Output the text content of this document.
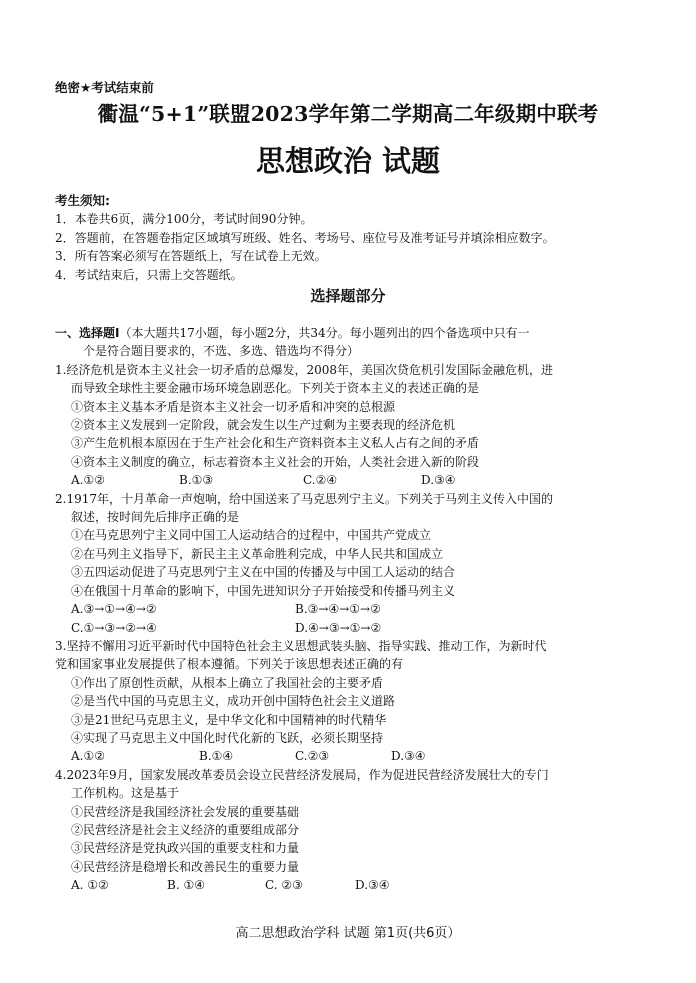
绝密★考试结束前
衢温“5+1”联盟2023学年第二学期高二年级期中联考
思想政治 试题
考生须知:
1．本卷共6页，满分100分，考试时间90分钟。
2．答题前，在答题卷指定区域填写班级、姓名、考场号、座位号及准考证号并填涂相应数字。
3．所有答案必须写在答题纸上，写在试卷上无效。
4．考试结束后，只需上交答题纸。
选择题部分
一、选择题Ⅰ（本大题共17小题，每小题2分，共34分。每小题列出的四个备选项中只有一
个是符合题目要求的，不选、多选、错选均不得分）
1.经济危机是资本主义社会一切矛盾的总爆发，2008年，美国次贷危机引发国际金融危机，进
而导致全球性主要金融市场环境急剧恶化。下列关于资本主义的表述正确的是
①资本主义基本矛盾是资本主义社会一切矛盾和冲突的总根源
②资本主义发展到一定阶段，就会发生以生产过剩为主要表现的经济危机
③产生危机根本原因在于生产社会化和生产资料资本主义私人占有之间的矛盾
④资本主义制度的确立，标志着资本主义社会的开始，人类社会进入新的阶段
A.①②	B.①③	C.②④	D.③④
2.1917年，十月革命一声炮响，给中国送来了马克思列宁主义。下列关于马列主义传入中国的
叙述，按时间先后排序正确的是
①在马克思列宁主义同中国工人运动结合的过程中，中国共产党成立
②在马列主义指导下，新民主主义革命胜利完成，中华人民共和国成立
③五四运动促进了马克思列宁主义在中国的传播及与中国工人运动的结合
④在俄国十月革命的影响下，中国先进知识分子开始接受和传播马列主义
A.③→①→④→②	B.③→④→①→②
C.①→③→②→④	D.④→③→①→②
3.坚持不懈用习近平新时代中国特色社会主义思想武装头脑、指导实践、推动工作，为新时代
党和国家事业发展提供了根本遵循。下列关于该思想表述正确的有
①作出了原创性贡献，从根本上确立了我国社会的主要矛盾
②是当代中国的马克思主义，成功开创中国特色社会主义道路
③是21世纪马克思主义，是中华文化和中国精神的时代精华
④实现了马克思主义中国化时代化新的飞跃，必须长期坚持
A.①②	B.①④	C.②③	D.③④
4.2023年9月，国家发展改革委员会设立民营经济发展局，作为促进民营经济发展壮大的专门
工作机构。这是基于
①民营经济是我国经济社会发展的重要基础
②民营经济是社会主义经济的重要组成部分
③民营经济是党执政兴国的重要支柱和力量
④民营经济是稳增长和改善民生的重要力量
A. ①②	B. ①④	C. ②③	D.③④
高二思想政治学科 试题 第1页(共6页）
